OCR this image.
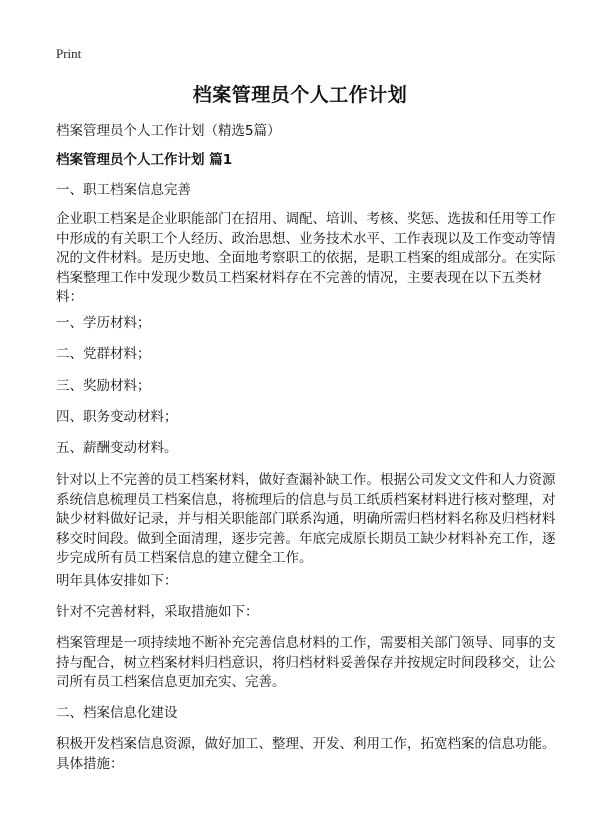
Print
档案管理员个人工作计划

档案管理员个人工作计划（精选5篇）

档案管理员个人工作计划 篇1

一、职工档案信息完善

企业职工档案是企业职能部门在招用、调配、培训、考核、奖惩、选拔和任用等工作中形成的有关职工个人经历、政治思想、业务技术水平、工作表现以及工作变动等情况的文件材料。是历史地、全面地考察职工的依据，是职工档案的组成部分。在实际档案整理工作中发现少数员工档案材料存在不完善的情况，主要表现在以下五类材料：

一、学历材料；

二、党群材料；

三、奖励材料；

四、职务变动材料；

五、薪酬变动材料。

针对以上不完善的员工档案材料，做好查漏补缺工作。根据公司发文文件和人力资源系统信息梳理员工档案信息，将梳理后的信息与员工纸质档案材料进行核对整理，对缺少材料做好记录，并与相关职能部门联系沟通，明确所需归档材料名称及归档材料移交时间段。做到全面清理，逐步完善。年底完成原长期员工缺少材料补充工作，逐步完成所有员工档案信息的建立健全工作。

明年具体安排如下：

针对不完善材料，采取措施如下：

档案管理是一项持续地不断补充完善信息材料的工作，需要相关部门领导、同事的支持与配合，树立档案材料归档意识，将归档材料妥善保存并按规定时间段移交，让公司所有员工档案信息更加充实、完善。

二、档案信息化建设

积极开发档案信息资源，做好加工、整理、开发、利用工作，拓宽档案的信息功能。具体措施：
